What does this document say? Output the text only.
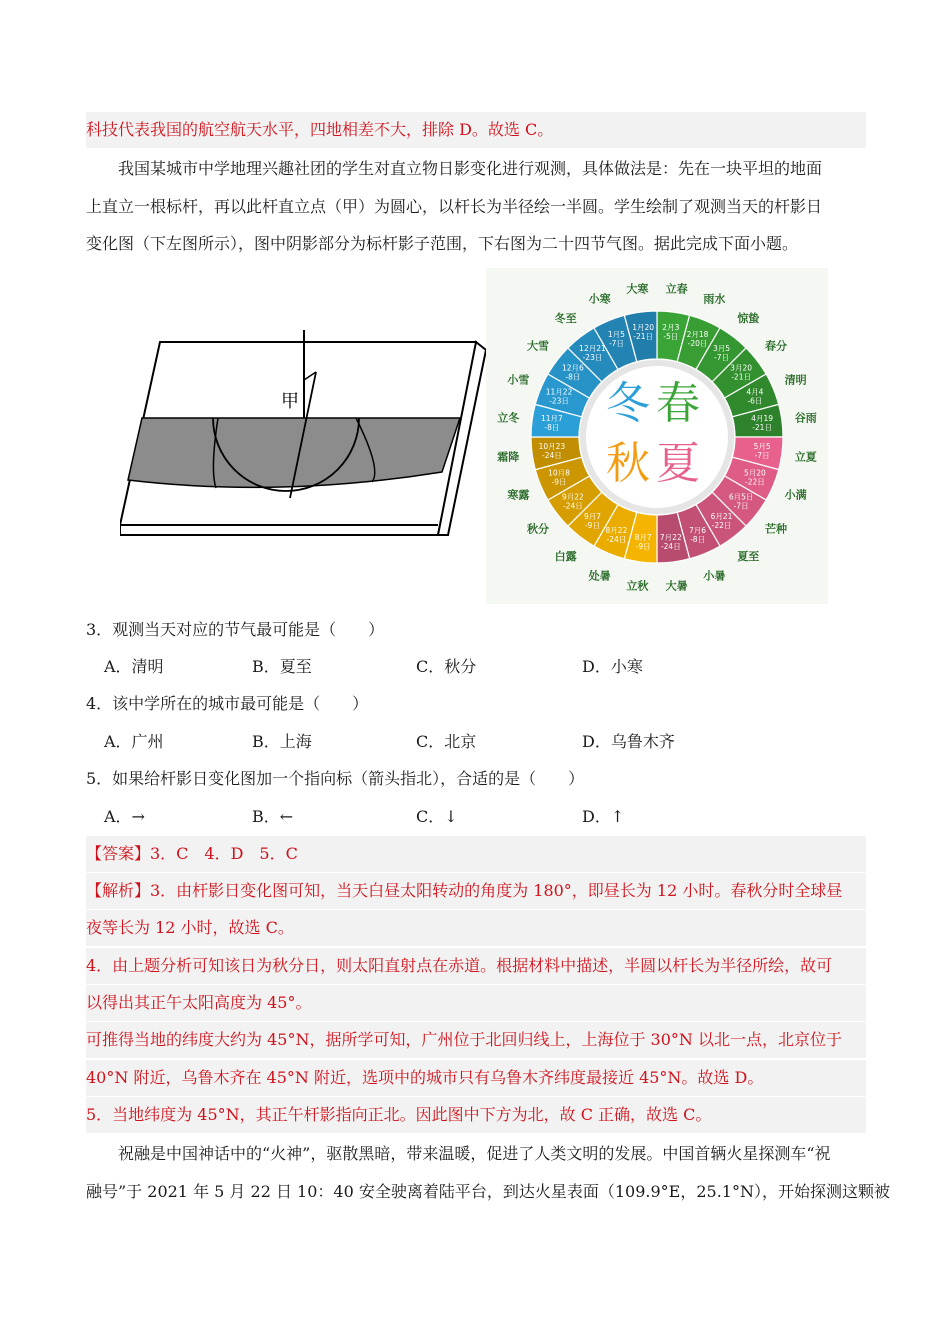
科技代表我国的航空航天水平，四地相差不大，排除 D。故选 C。
我国某城市中学地理兴趣社团的学生对直立物日影变化进行观测，具体做法是：先在一块平坦的地面
上直立一根标杆，再以此杆直立点（甲）为圆心，以杆长为半径绘一半圆。学生绘制了观测当天的杆影日
变化图（下左图所示），图中阴影部分为标杆影子范围，下右图为二十四节气图。据此完成下面小题。
甲
2月3
-5日 2月18
-20日
3月5
-7日
3月20
-21日
4月4
-6日
4月19
-21日
5月5
-7日
5月20
-22日
6月5日
-7日
6月21
-22日
7月6
-8日
7月22
-24日
8月7
-9日
8月22
-24日
9月7
-9日
9月22
-24日
10月8
-9日
10月23
-24日
11月7
-8日
11月22
-23日
12月6
-8日
12月21
-23日
1月5
-7日
1月20
-21日
冬 春
秋 夏
立春
雨水
惊蛰
春分
清明
谷雨
立夏
小满
芒种
夏至
小暑
大暑
立秋
处暑
白露
秋分
寒露
霜降
立冬
小雪
大雪
冬至
小寒
大寒
3．观测当天对应的节气最可能是（　　）
A．清明	B．夏至	C．秋分	D．小寒
4．该中学所在的城市最可能是（　　）
A．广州	B．上海	C．北京	D．乌鲁木齐
5．如果给杆影日变化图加一个指向标（箭头指北），合适的是（　　）
A．→	B．←	C．↓	D．↑
【答案】3．C　4．D　5．C
【解析】3．由杆影日变化图可知，当天白昼太阳转动的角度为 180°，即昼长为 12 小时。春秋分时全球昼
夜等长为 12 小时，故选 C。
4．由上题分析可知该日为秋分日，则太阳直射点在赤道。根据材料中描述，半圆以杆长为半径所绘，故可
以得出其正午太阳高度为 45°。
可推得当地的纬度大约为 45°N，据所学可知，广州位于北回归线上，上海位于 30°N 以北一点，北京位于
40°N 附近，乌鲁木齐在 45°N 附近，选项中的城市只有乌鲁木齐纬度最接近 45°N。故选 D。
5．当地纬度为 45°N，其正午杆影指向正北。因此图中下方为北，故 C 正确，故选 C。
祝融是中国神话中的“火神”，驱散黑暗，带来温暖，促进了人类文明的发展。中国首辆火星探测车“祝
融号”于 2021 年 5 月 22 日 10：40 安全驶离着陆平台，到达火星表面（109.9°E，25.1°N），开始探测这颗被
